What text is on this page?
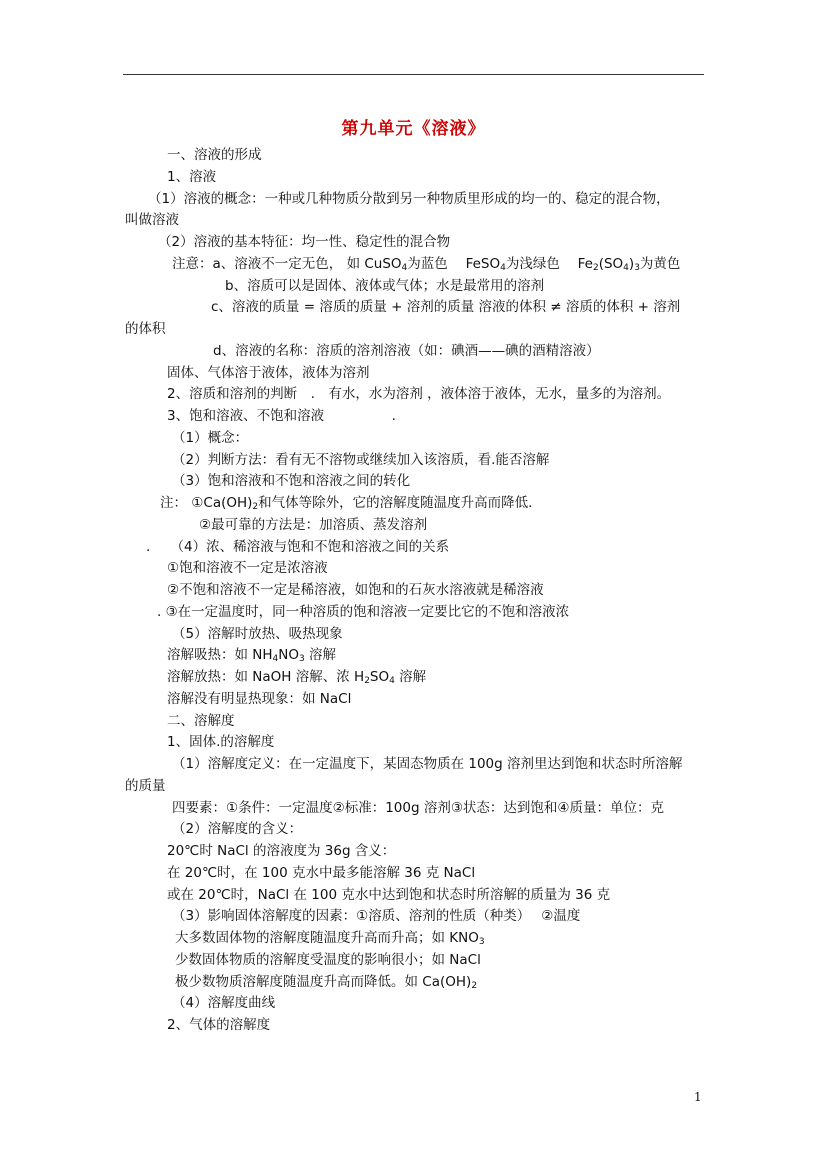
第九单元《溶液》
一、溶液的形成
1、溶液
（1）溶液的概念：一种或几种物质分散到另一种物质里形成的均一的、稳定的混合物，
叫做溶液
（2）溶液的基本特征：均一性、稳定性的混合物
注意：a、溶液不一定无色， 如 CuSO$_4$为蓝色　 FeSO$_4$为浅绿色　 $Fe_2(SO_4)_3$为黄色
b、溶质可以是固体、液体或气体；水是最常用的溶剂
c、溶液的质量 = 溶质的质量 + 溶剂的质量 溶液的体积 ≠ 溶质的体积 + 溶剂
的体积
d、溶液的名称：溶质的溶剂溶液（如：碘酒——碘的酒精溶液）
固体、气体溶于液体，液体为溶剂
2、溶质和溶剂的判断　.　有水，水为溶剂 ，液体溶于液体，无水，量多的为溶剂。
3、饱和溶液、不饱和溶液　　　　　.
（1）概念：
（2）判断方法：看有无不溶物或继续加入该溶质，看.能否溶解
（3）饱和溶液和不饱和溶液之间的转化
注： $①Ca(OH)_2$和气体等除外，它的溶解度随温度升高而降低.
②最可靠的方法是：加溶质、蒸发溶剂
.　　（4）浓、稀溶液与饱和不饱和溶液之间的关系
①饱和溶液不一定是浓溶液
②不饱和溶液不一定是稀溶液，如饱和的石灰水溶液就是稀溶液
. ③在一定温度时，同一种溶质的饱和溶液一定要比它的不饱和溶液浓
（5）溶解时放热、吸热现象
溶解吸热：如 $NH_4NO_3$ 溶解
溶解放热：如 NaOH 溶解、浓 $H_2SO_4$ 溶解
溶解没有明显热现象：如 NaCl
二、溶解度
1、固体.的溶解度
（1）溶解度定义：在一定温度下，某固态物质在 100g 溶剂里达到饱和状态时所溶解
的质量
四要素：①条件：一定温度②标准：100g 溶剂③状态：达到饱和④质量：单位：克
（2）溶解度的含义：
20℃时 NaCl 的溶液度为 36g 含义：
在 20℃时，在 100 克水中最多能溶解 36 克 NaCl
或在 20℃时，NaCl 在 100 克水中达到饱和状态时所溶解的质量为 36 克
（3）影响固体溶解度的因素：①溶质、溶剂的性质（种类）　 ②温度
大多数固体物的溶解度随温度升高而升高；如 $KNO_3$
少数固体物质的溶解度受温度的影响很小；如 NaCl
极少数物质溶解度随温度升高而降低。如 $Ca(OH)_2$
（4）溶解度曲线
2、气体的溶解度
1
